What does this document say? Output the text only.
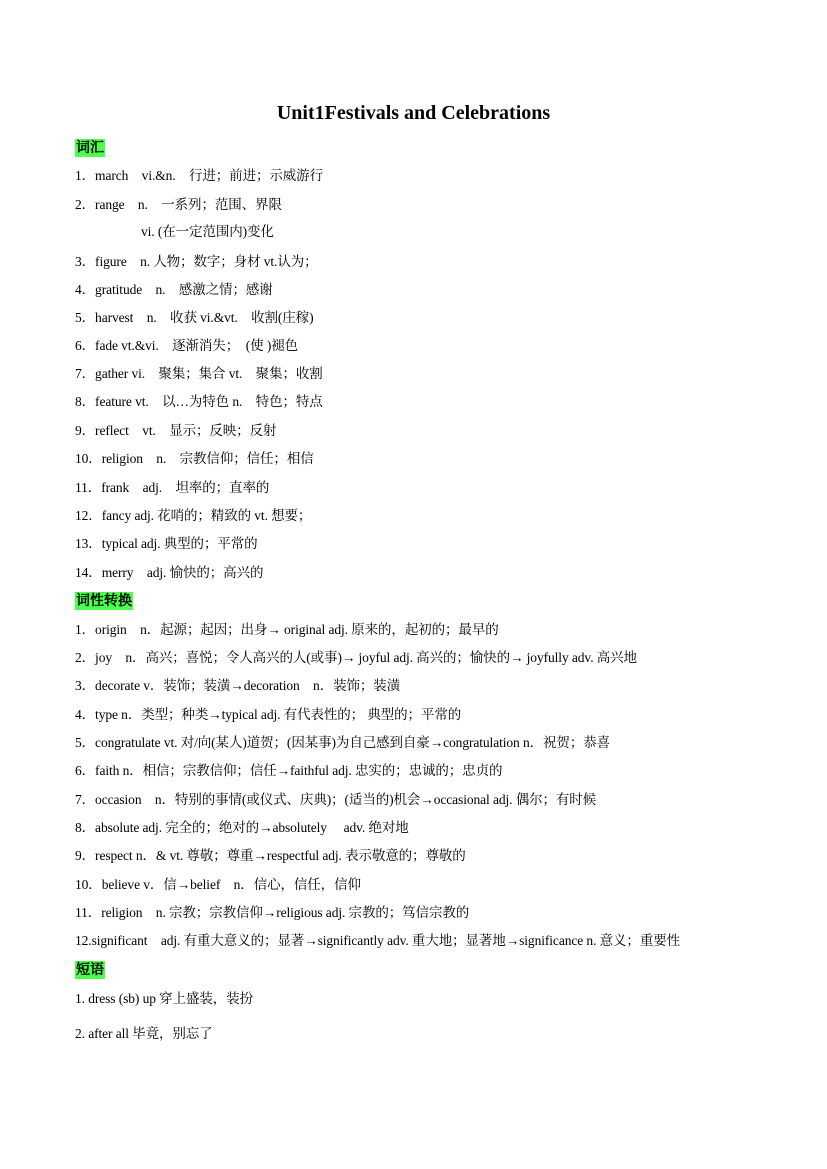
Unit1Festivals and Celebrations
词汇
1．march　vi.&n.　行进；前进；示威游行
2．range　n.　一系列；范围、界限
vi. (在一定范围内)变化
3．figure　n. 人物；数字；身材 vt.认为；
4．gratitude　n.　感激之情；感谢
5．harvest　n.　收获 vi.&vt.　收割(庄稼)
6．fade vt.&vi.　逐渐消失；　(使 )褪色
7．gather vi.　聚集；集合 vt.　聚集；收割
8．feature vt.　以…为特色 n.　特色；特点
9．reflect　vt.　显示；反映；反射
10．religion　n.　宗教信仰；信任；相信
11．frank　adj.　坦率的；直率的
12．fancy adj. 花哨的；精致的 vt. 想要；
13．typical adj. 典型的；平常的
14．merry　adj. 愉快的；高兴的
词性转换
1．origin　n．起源；起因；出身→ original adj. 原来的，起初的；最早的
2．joy　n．高兴；喜悦；令人高兴的人(或事)→ joyful adj. 高兴的；愉快的→ joyfully adv. 高兴地
3．decorate v．装饰；装潢→decoration　n．装饰；装潢
4．type n．类型；种类→typical adj. 有代表性的； 典型的；平常的
5．congratulate vt. 对/向(某人)道贺；(因某事)为自己感到自豪→congratulation n．祝贺；恭喜
6．faith n．相信；宗教信仰；信任→faithful adj. 忠实的；忠诚的；忠贞的
7．occasion　n．特别的事情(或仪式、庆典)；(适当的)机会→occasional adj. 偶尔；有时候
8．absolute adj. 完全的；绝对的→absolutely　 adv. 绝对地
9．respect n．& vt. 尊敬；尊重→respectful adj. 表示敬意的；尊敬的
10．believe v．信→belief　n．信心，信任，信仰
11．religion　n. 宗教；宗教信仰→religious adj. 宗教的；笃信宗教的
12.significant　adj. 有重大意义的；显著→significantly adv. 重大地；显著地→significance n. 意义；重要性
短语
1. dress (sb) up 穿上盛装，装扮
2. after all 毕竟，别忘了
